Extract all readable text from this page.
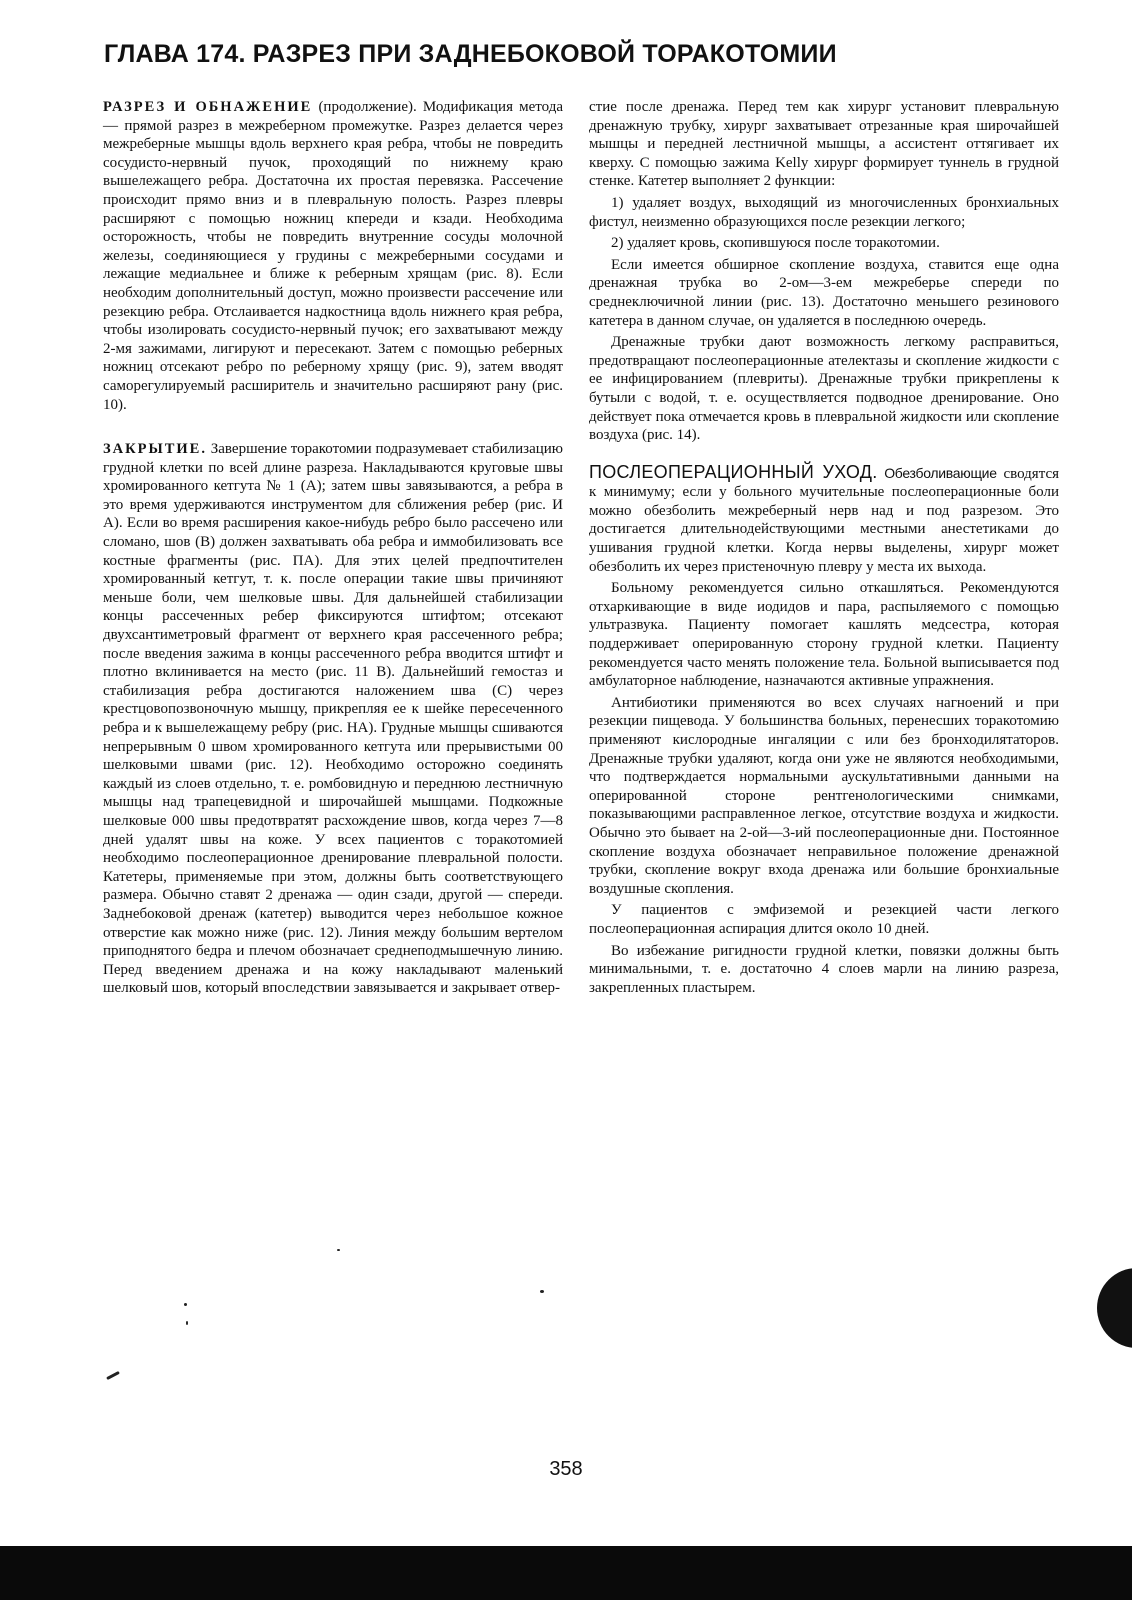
ГЛАВА 174. РАЗРЕЗ ПРИ ЗАДНЕБОКОВОЙ ТОРАКОТОМИИ

РАЗРЕЗ И ОБНАЖЕНИЕ (продолжение). Модификация метода — прямой разрез в межреберном промежутке. Разрез делается через межреберные мышцы вдоль верхнего края ребра, чтобы не повредить сосудисто-нервный пучок, проходящий по нижнему краю вышележащего ребра. Достаточна их простая перевязка. Рассечение происходит прямо вниз и в плевральную полость. Разрез плевры расширяют с помощью ножниц кпереди и кзади. Необходима осторожность, чтобы не повредить внутренние сосуды молочной железы, соединяющиеся у грудины с межреберными сосудами и лежащие медиальнее и ближе к реберным хрящам (рис. 8). Если необходим дополнительный доступ, можно произвести рассечение или резекцию ребра. Отслаивается надкостница вдоль нижнего края ребра, чтобы изолировать сосудисто-нервный пучок; его захватывают между 2-мя зажимами, лигируют и пересекают. Затем с помощью реберных ножниц отсекают ребро по реберному хрящу (рис. 9), затем вводят саморегулируемый расширитель и значительно расширяют рану (рис. 10).

ЗАКРЫТИЕ. Завершение торакотомии подразумевает стабилизацию грудной клетки по всей длине разреза. Накладываются круговые швы хромированного кетгута № 1 (А); затем швы завязываются, а ребра в это время удерживаются инструментом для сближения ребер (рис. И А). Если во время расширения какое-нибудь ребро было рассечено или сломано, шов (В) должен захватывать оба ребра и иммобилизовать все костные фрагменты (рис. ПА). Для этих целей предпочтителен хромированный кетгут, т. к. после операции такие швы причиняют меньше боли, чем шелковые швы. Для дальнейшей стабилизации концы рассеченных ребер фиксируются штифтом; отсекают двухсантиметровый фрагмент от верхнего края рассеченного ребра; после введения зажима в концы рассеченного ребра вводится штифт и плотно вклинивается на место (рис. 11 В). Дальнейший гемостаз и стабилизация ребра достигаются наложением шва (С) через крестцовопозвоночную мышцу, прикрепляя ее к шейке пересеченного ребра и к вышележащему ребру (рис. НА). Грудные мышцы сшиваются непрерывным 0 швом хромированного кетгута или прерывистыми 00 шелковыми швами (рис. 12). Необходимо осторожно соединять каждый из слоев отдельно, т. е. ромбовидную и переднюю лестничную мышцы над трапецевидной и широчайшей мышцами. Подкожные шелковые 000 швы предотвратят расхождение швов, когда через 7—8 дней удалят швы на коже. У всех пациентов с торакотомией необходимо послеоперационное дренирование плевральной полости. Катетеры, применяемые при этом, должны быть соответствующего размера. Обычно ставят 2 дренажа — один сзади, другой — спереди. Заднебоковой дренаж (катетер) выводится через небольшое кожное отверстие как можно ниже (рис. 12). Линия между большим вертелом приподнятого бедра и плечом обозначает среднеподмышечную линию. Перед введением дренажа и на кожу накладывают маленький шелковый шов, который впоследствии завязывается и закрывает отвер-

стие после дренажа. Перед тем как хирург установит плевральную дренажную трубку, хирург захватывает отрезанные края широчайшей мышцы и передней лестничной мышцы, а ассистент оттягивает их кверху. С помощью зажима Kelly хирург формирует туннель в грудной стенке. Катетер выполняет 2 функции:

1) удаляет воздух, выходящий из многочисленных бронхиальных фистул, неизменно образующихся после резекции легкого;

2) удаляет кровь, скопившуюся после торакотомии.

Если имеется обширное скопление воздуха, ставится еще одна дренажная трубка во 2-ом—3-ем межреберье спереди по среднеключичной линии (рис. 13). Достаточно меньшего резинового катетера в данном случае, он удаляется в последнюю очередь.

Дренажные трубки дают возможность легкому расправиться, предотвращают послеоперационные ателектазы и скопление жидкости с ее инфицированием (плевриты). Дренажные трубки прикреплены к бутыли с водой, т. е. осуществляется подводное дренирование. Оно действует пока отмечается кровь в плевральной жидкости или скопление воздуха (рис. 14).

ПОСЛЕОПЕРАЦИОННЫЙ УХОД. Обезболивающие сводятся к минимуму; если у больного мучительные послеоперационные боли можно обезболить межреберный нерв над и под разрезом. Это достигается длительнодействующими местными анестетиками до ушивания грудной клетки. Когда нервы выделены, хирург может обезболить их через пристеночную плевру у места их выхода.

Больному рекомендуется сильно откашляться. Рекомендуются отхаркивающие в виде иодидов и пара, распыляемого с помощью ультразвука. Пациенту помогает кашлять медсестра, которая поддерживает оперированную сторону грудной клетки. Пациенту рекомендуется часто менять положение тела. Больной выписывается под амбулаторное наблюдение, назначаются активные упражнения.

Антибиотики применяются во всех случаях нагноений и при резекции пищевода. У большинства больных, перенесших торакотомию применяют кислородные ингаляции с или без бронходилятаторов. Дренажные трубки удаляют, когда они уже не являются необходимыми, что подтверждается нормальными аускультативными данными на оперированной стороне рентгенологическими снимками, показывающими расправленное легкое, отсутствие воздуха и жидкости. Обычно это бывает на 2-ой—3-ий послеоперационные дни. Постоянное скопление воздуха обозначает неправильное положение дренажной трубки, скопление вокруг входа дренажа или большие бронхиальные воздушные скопления.

У пациентов с эмфиземой и резекцией части легкого послеоперационная аспирация длится около 10 дней.

Во избежание ригидности грудной клетки, повязки должны быть минимальными, т. е. достаточно 4 слоев марли на линию разреза, закрепленных пластырем.

358
